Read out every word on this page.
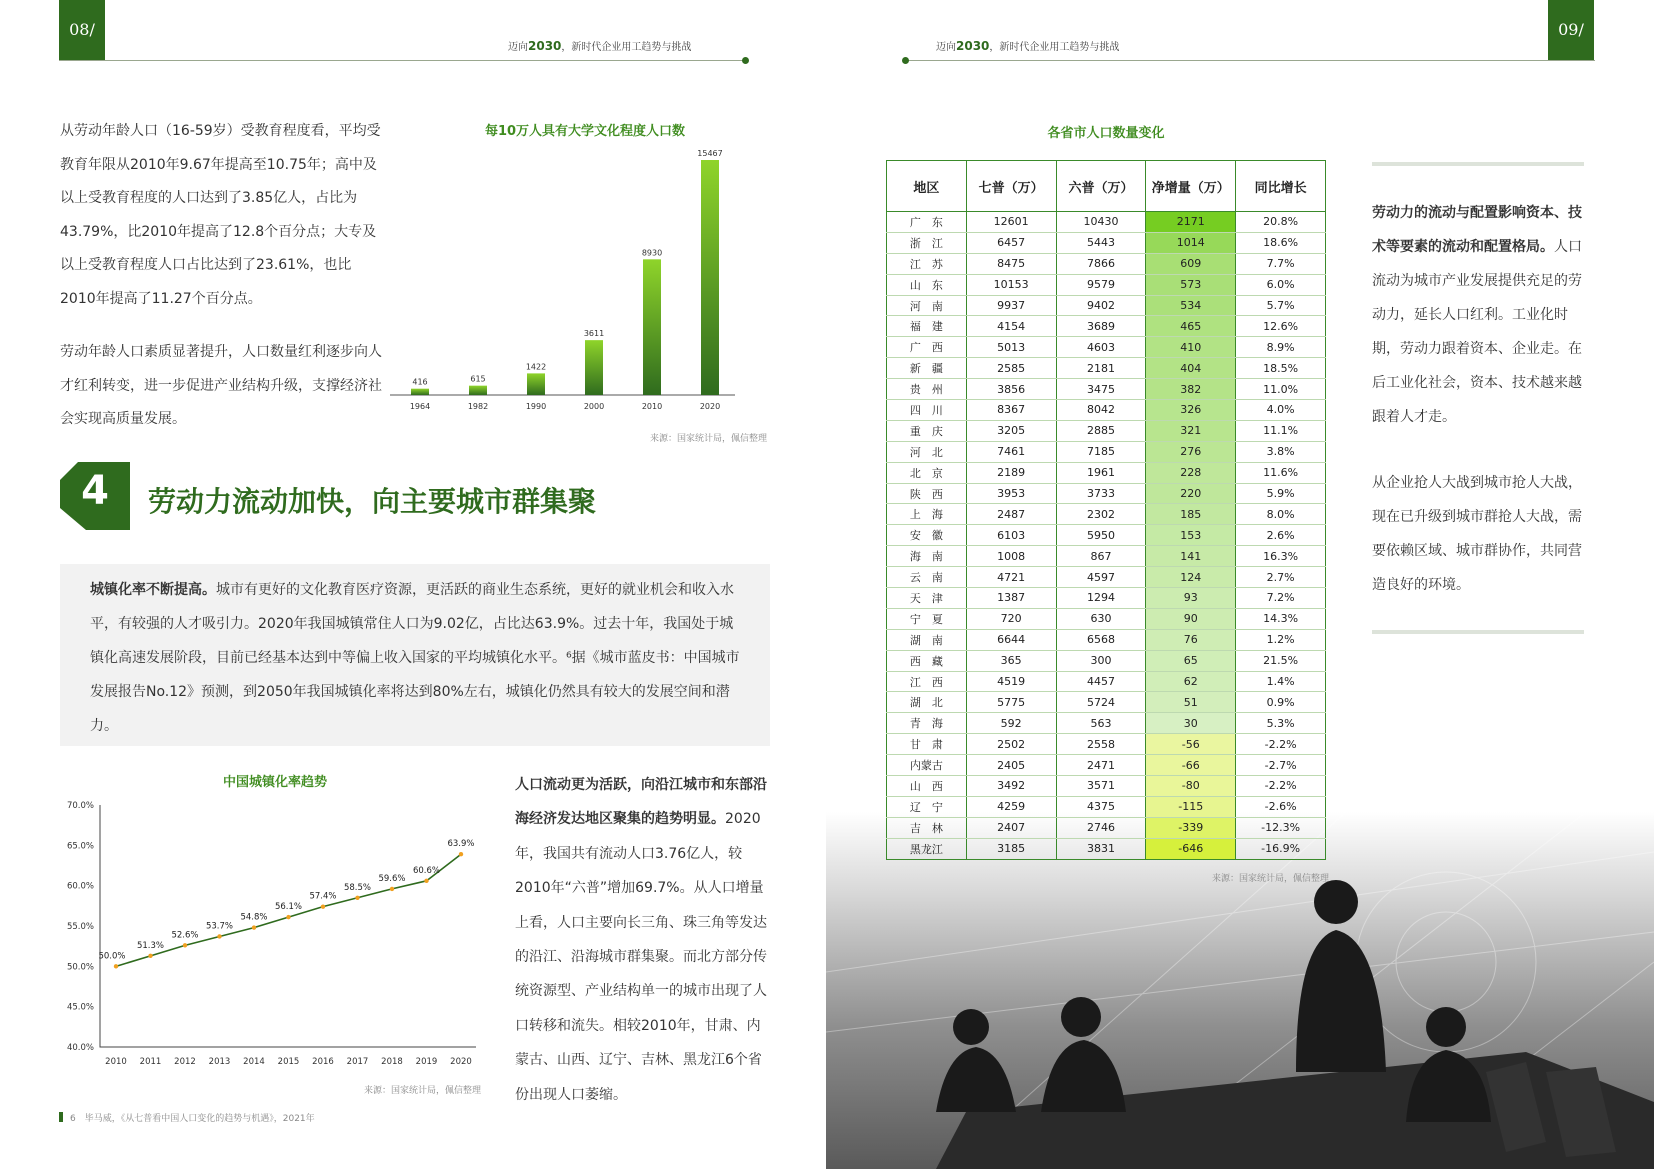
08/
迈向2030，新时代企业用工趋势与挑战
09/
迈向2030，新时代企业用工趋势与挑战
从劳动年龄人口（16-59岁）受教育程度看，平均受教育年限从2010年9.67年提高至10.75年；高中及以上受教育程度的人口达到了3.85亿人，占比为43.79%，比2010年提高了12.8个百分点；大专及以上受教育程度人口占比达到了23.61%，也比2010年提高了11.27个百分点。
劳动年龄人口素质显著提升，人口数量红利逐步向人才红利转变，进一步促进产业结构升级，支撑经济社会实现高质量发展。
每10万人具有大学文化程度人口数
416
1964
615
1982
1422
1990
3611
2000
8930
2010
15467
2020
来源：国家统计局，佩信整理
4	劳动力流动加快，向主要城市群集聚
城镇化率不断提高。城市有更好的文化教育医疗资源，更活跃的商业生态系统，更好的就业机会和收入水平，有较强的人才吸引力。2020年我国城镇常住人口为9.02亿，占比达63.9%。过去十年，我国处于城镇化高速发展阶段，目前已经基本达到中等偏上收入国家的平均城镇化水平。⁶据《城市蓝皮书：中国城市发展报告No.12》预测，到2050年我国城镇化率将达到80%左右，城镇化仍然具有较大的发展空间和潜力。
中国城镇化率趋势
40.0%
45.0%
50.0%
55.0%
60.0%
65.0%
70.0%
2010 2011 2012 2013 2014 2015 2016 2017 2018 2019 2020
50.0%
51.3%
52.6%
53.7%
54.8%
56.1%
57.4%
58.5%
59.6%
60.6%
63.9%
来源：国家统计局，佩信整理
人口流动更为活跃，向沿江城市和东部沿海经济发达地区聚集的趋势明显。2020年，我国共有流动人口3.76亿人，较2010年“六普”增加69.7%。从人口增量上看，人口主要向长三角、珠三角等发达的沿江、沿海城市群集聚。而北方部分传统资源型、产业结构单一的城市出现了人口转移和流失。相较2010年，甘肃、内蒙古、山西、辽宁、吉林、黑龙江6个省份出现人口萎缩。
6　 毕马威，《从七普看中国人口变化的趋势与机遇》，2021年
各省市人口数量变化
地区	七普（万）	六普（万）	净增量（万）	同比增长
广　东	12601	10430	2171	20.8%
浙　江	6457	5443	1014	18.6%
江　苏	8475	7866	609	7.7%
山　东	10153	9579	573	6.0%
河　南	9937	9402	534	5.7%
福　建	4154	3689	465	12.6%
广　西	5013	4603	410	8.9%
新　疆	2585	2181	404	18.5%
贵　州	3856	3475	382	11.0%
四　川	8367	8042	326	4.0%
重　庆	3205	2885	321	11.1%
河　北	7461	7185	276	3.8%
北　京	2189	1961	228	11.6%
陕　西	3953	3733	220	5.9%
上　海	2487	2302	185	8.0%
安　徽	6103	5950	153	2.6%
海　南	1008	867	141	16.3%
云　南	4721	4597	124	2.7%
天　津	1387	1294	93	7.2%
宁　夏	720	630	90	14.3%
湖　南	6644	6568	76	1.2%
西　藏	365	300	65	21.5%
江　西	4519	4457	62	1.4%
湖　北	5775	5724	51	0.9%
青　海	592	563	30	5.3%
甘　肃	2502	2558	-56	-2.2%
内蒙古	2405	2471	-66	-2.7%
山　西	3492	3571	-80	-2.2%
辽　宁	4259	4375	-115	-2.6%
吉　林	2407	2746	-339	-12.3%
黑龙江	3185	3831	-646	-16.9%
来源：国家统计局，佩信整理
劳动力的流动与配置影响资本、技术等要素的流动和配置格局。人口流动为城市产业发展提供充足的劳动力，延长人口红利。工业化时期，劳动力跟着资本、企业走。在后工业化社会，资本、技术越来越跟着人才走。
从企业抢人大战到城市抢人大战，现在已升级到城市群抢人大战，需要依赖区域、城市群协作，共同营造良好的环境。
